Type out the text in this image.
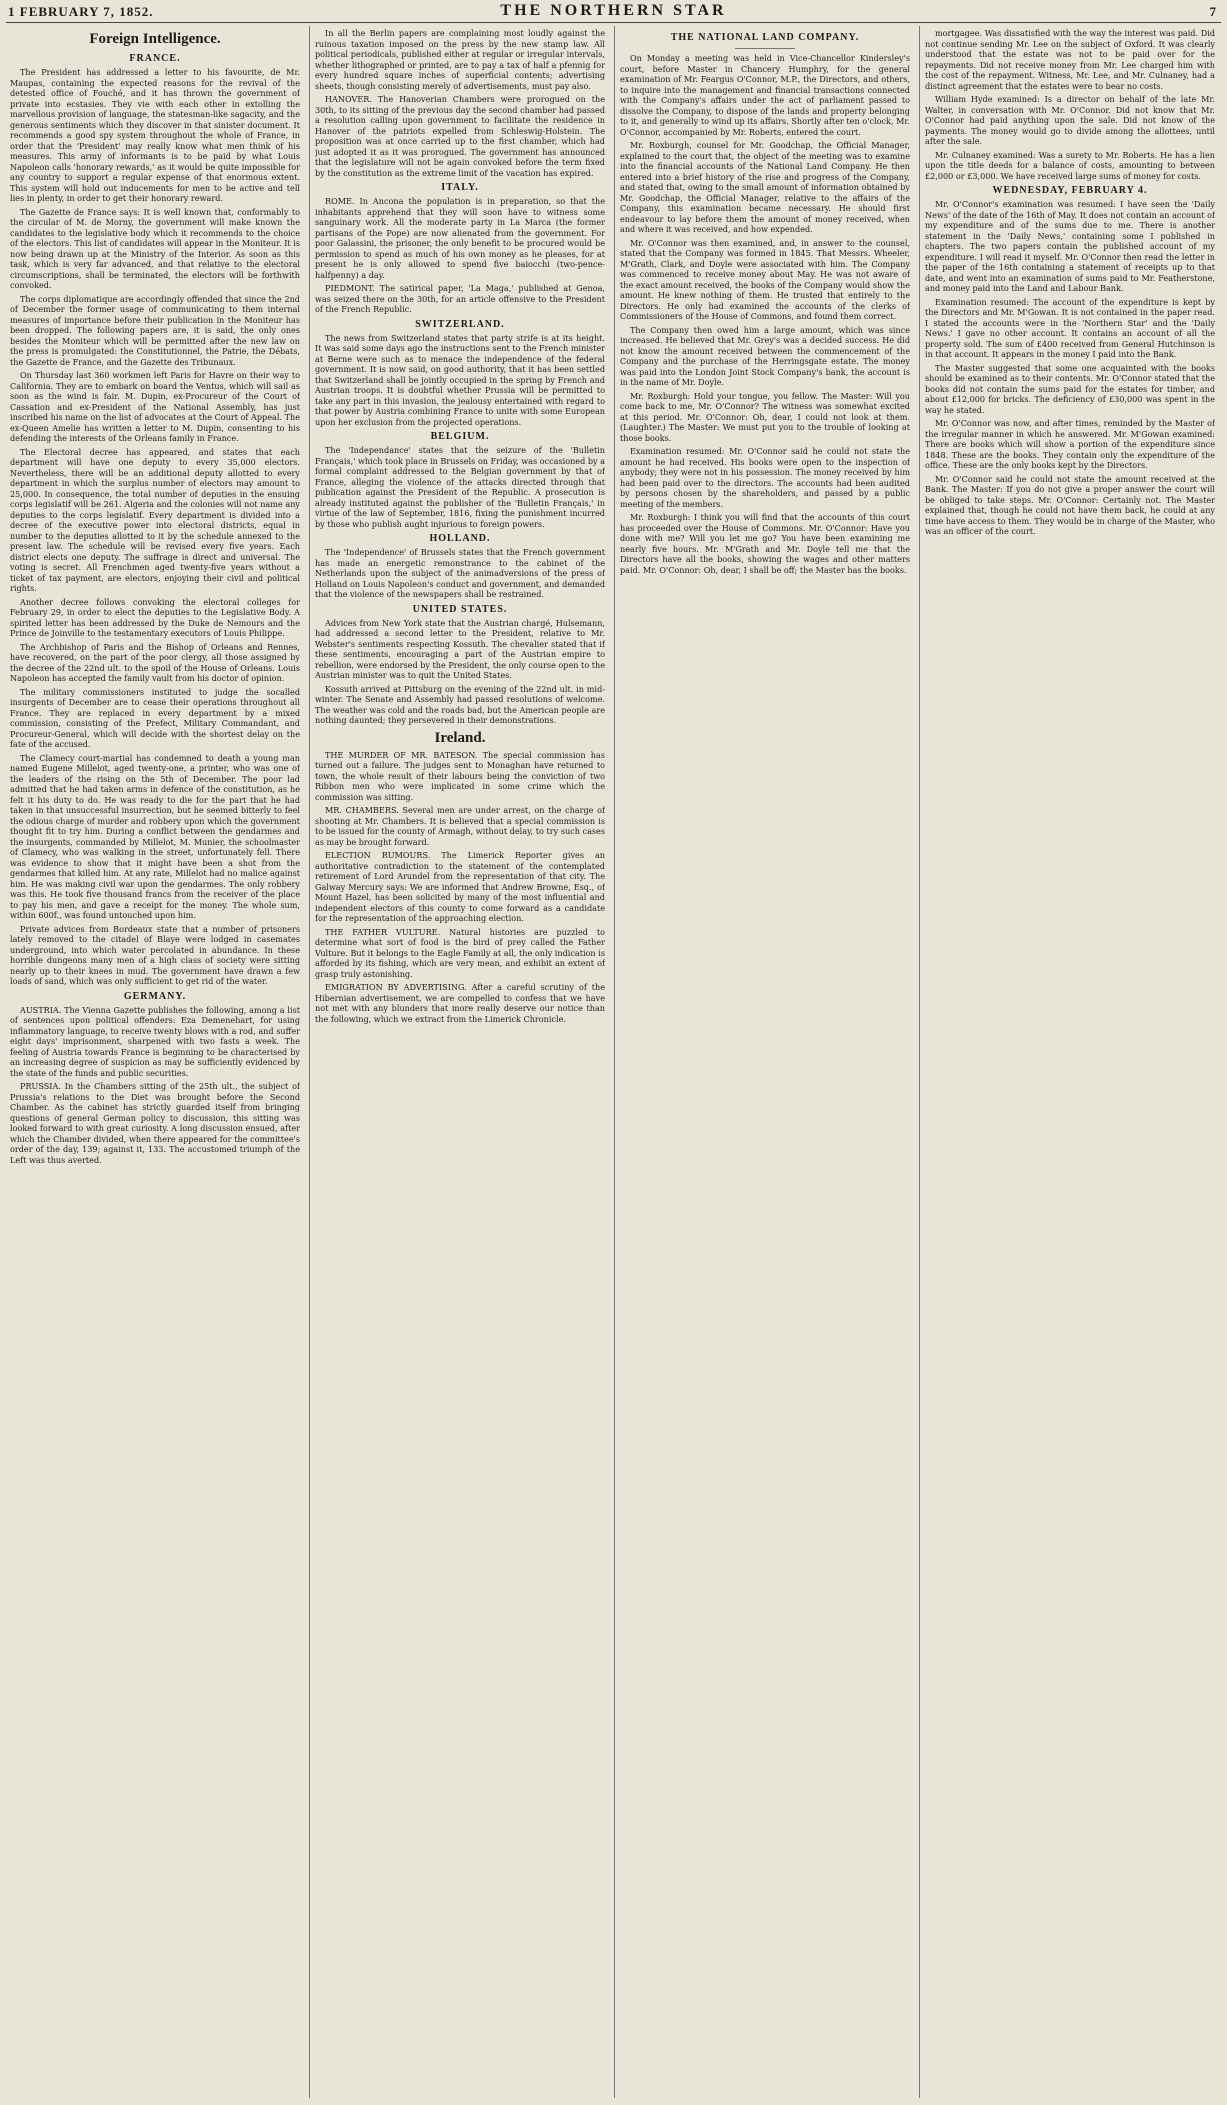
1 FEBRUARY 7, 1852.	THE NORTHERN STAR	7
Foreign Intelligence.
FRANCE.

The President has addressed a letter to his favourite, de Mr. Maupas, containing the expected reasons for the revival of the detested office of Fouché, and it has thrown the government of private into ecstasies. They vie with each other in extolling the marvellous provision of language, the statesman-like sagacity, and the generous sentiments which they discover in that sinister document. It recommends a good spy system throughout the whole of France, in order that the 'President' may really know what men think of his measures. This army of informants is to be paid by what Louis Napoleon calls 'honorary rewards,' as it would be quite impossible for any country to support a regular expense of that enormous extent. This system will hold out inducements for men to be active and tell lies in plenty, in order to get their honorary reward.

The Gazette de France says: It is well known that, conformably to the circular of M. de Morny, the government will make known the candidates to the legislative body which it recommends to the choice of the electors. This list of candidates will appear in the Moniteur. It is now being drawn up at the Ministry of the Interior. As soon as this task, which is very far advanced, and that relative to the electoral circumscriptions, shall be terminated, the electors will be forthwith convoked.

The corps diplomatique are accordingly offended that since the 2nd of December the former usage of communicating to them internal measures of importance before their publication in the Moniteur has been dropped. The following papers are, it is said, the only ones besides the Moniteur which will be permitted after the new law on the press is promulgated: the Constitutionnel, the Patrie, the Débats, the Gazette de France, and the Gazette des Tribunaux.

On Thursday last 360 workmen left Paris for Havre on their way to California. They are to embark on board the Ventus, which will sail as soon as the wind is fair. M. Dupin, ex-Procureur of the Court of Cassation and ex-President of the National Assembly, has just inscribed his name on the list of advocates at the Court of Appeal. The ex-Queen Amelie has written a letter to M. Dupin, consenting to his defending the interests of the Orleans family in France.

The Electoral decree has appeared, and states that each department will have one deputy to every 35,000 electors. Nevertheless, there will be an additional deputy allotted to every department in which the surplus number of electors may amount to 25,000. In consequence, the total number of deputies in the ensuing corps legislatif will be 261. Algeria and the colonies will not name any deputies to the corps legislatif. Every department is divided into a decree of the executive power into electoral districts, equal in number to the deputies allotted to it by the schedule annexed to the present law. The schedule will be revised every five years. Each district elects one deputy. The suffrage is direct and universal. The voting is secret. All Frenchmen aged twenty-five years without a ticket of tax payment, are electors, enjoying their civil and political rights.

Another decree follows convoking the electoral colleges for February 29, in order to elect the deputies to the Legislative Body. A spirited letter has been addressed by the Duke de Nemours and the Prince de Joinville to the testamentary executors of Louis Philippe.

The Archbishop of Paris and the Bishop of Orleans and Rennes, have recovered, on the part of the poor clergy, all those assigned by the decree of the 22nd ult. to the spoil of the House of Orleans. Louis Napoleon has accepted the family vault from his doctor of opinion.

The military commissioners instituted to judge the socalled insurgents of December are to cease their operations throughout all France. They are replaced in every department by a mixed commission, consisting of the Prefect, Military Commandant, and Procureur-General, which will decide with the shortest delay on the fate of the accused.

The Clamecy court-martial has condemned to death a young man named Eugene Millelot, aged twenty-one, a printer, who was one of the leaders of the rising on the 5th of December. The poor lad admitted that he had taken arms in defence of the constitution, as he felt it his duty to do. He was ready to die for the part that he had taken in that unsuccessful insurrection, but he seemed bitterly to feel the odious charge of murder and robbery upon which the government thought fit to try him. During a conflict between the gendarmes and the insurgents, commanded by Millelot, M. Munier, the schoolmaster of Clamecy, who was walking in the street, unfortunately fell. There was evidence to show that it might have been a shot from the gendarmes that killed him. At any rate, Millelot had no malice against him. He was making civil war upon the gendarmes. The only robbery was this. He took five thousand francs from the receiver of the place to pay his men, and gave a receipt for the money. The whole sum, within 600f., was found untouched upon him.

Private advices from Bordeaux state that a number of prisoners lately removed to the citadel of Blaye were lodged in casemates underground, into which water percolated in abundance. In these horrible dungeons many men of a high class of society were sitting nearly up to their knees in mud. The government have drawn a few loads of sand, which was only sufficient to get rid of the water.

GERMANY.

AUSTRIA. The Vienna Gazette publishes the following, among a list of sentences upon political offenders: Eza Demenehart, for using inflammatory language, to receive twenty blows with a rod, and suffer eight days' imprisonment, sharpened with two fasts a week. The feeling of Austria towards France is beginning to be characterised by an increasing degree of suspicion as may be sufficiently evidenced by the state of the funds and public securities.

PRUSSIA. In the Chambers sitting of the 25th ult., the subject of Prussia's relations to the Diet was brought before the Second Chamber. As the cabinet has strictly guarded itself from bringing questions of general German policy to discussion, this sitting was looked forward to with great curiosity. A long discussion ensued, after which the Chamber divided, when there appeared for the committee's order of the day, 139; against it, 133. The accustomed triumph of the Left was thus averted.

In all the Berlin papers are complaining most loudly against the ruinous taxation imposed on the press by the new stamp law. All political periodicals, published either at regular or irregular intervals, whether lithographed or printed, are to pay a tax of half a pfennig for every hundred square inches of superficial contents; advertising sheets, though consisting merely of advertisements, must pay also.

HANOVER. The Hanoverian Chambers were prorogued on the 30th, to its sitting of the previous day the second chamber had passed a resolution calling upon government to facilitate the residence in Hanover of the patriots expelled from Schleswig-Holstein. The proposition was at once carried up to the first chamber, which had just adopted it as it was prorogued. The government has announced that the legislature will not be again convoked before the term fixed by the constitution as the extreme limit of the vacation has expired.

ITALY.

ROME. In Ancona the population is in preparation, so that the inhabitants apprehend that they will soon have to witness some sanguinary work. All the moderate party in La Marca (the former partisans of the Pope) are now alienated from the government. For poor Galassini, the prisoner, the only benefit to be procured would be permission to spend as much of his own money as he pleases, for at present he is only allowed to spend five baiocchi (two-pence-halfpenny) a day.

PIEDMONT. The satirical paper, 'La Maga,' published at Genoa, was seized there on the 30th, for an article offensive to the President of the French Republic.

SWITZERLAND.

The news from Switzerland states that party strife is at its height. It was said some days ago the instructions sent to the French minister at Berne were such as to menace the independence of the federal government. It is now said, on good authority, that it has been settled that Switzerland shall be jointly occupied in the spring by French and Austrian troops. It is doubtful whether Prussia will be permitted to take any part in this invasion, the jealousy entertained with regard to that power by Austria combining France to unite with some European upon her exclusion from the projected operations.

BELGIUM.

The 'Independance' states that the seizure of the 'Bulletin Français,' which took place in Brussels on Friday, was occasioned by a formal complaint addressed to the Belgian government by that of France, alleging the violence of the attacks directed through that publication against the President of the Republic. A prosecution is already instituted against the publisher of the 'Bulletin Français,' in virtue of the law of September, 1816, fixing the punishment incurred by those who publish aught injurious to foreign powers.

HOLLAND.

The 'Independence' of Brussels states that the French government has made an energetic remonstrance to the cabinet of the Netherlands upon the subject of the animadversions of the press of Holland on Louis Napoleon's conduct and government, and demanded that the violence of the newspapers shall be restrained.

UNITED STATES.

Advices from New York state that the Austrian chargé, Hulsemann, had addressed a second letter to the President, relative to Mr. Webster's sentiments respecting Kossuth. The chevalier stated that if these sentiments, encouraging a part of the Austrian empire to rebellion, were endorsed by the President, the only course open to the Austrian minister was to quit the United States.

Kossuth arrived at Pittsburg on the evening of the 22nd ult. in mid-winter. The Senate and Assembly had passed resolutions of welcome. The weather was cold and the roads bad, but the American people are nothing daunted; they persevered in their demonstrations.

Ireland.

THE MURDER OF MR. BATESON. The special commission has turned out a failure. The judges sent to Monaghan have returned to town, the whole result of their labours being the conviction of two Ribbon men who were implicated in some crime which the commission was sitting.

MR. CHAMBERS. Several men are under arrest, on the charge of shooting at Mr. Chambers. It is believed that a special commission is to be issued for the county of Armagh, without delay, to try such cases as may be brought forward.

ELECTION RUMOURS. The Limerick Reporter gives an authoritative contradiction to the statement of the contemplated retirement of Lord Arundel from the representation of that city. The Galway Mercury says: We are informed that Andrew Browne, Esq., of Mount Hazel, has been solicited by many of the most influential and independent electors of this county to come forward as a candidate for the representation of the approaching election.

THE FATHER VULTURE. Natural histories are puzzled to determine what sort of food is the bird of prey called the Father Vulture. But it belongs to the Eagle Family at all, the only indication is afforded by its fishing, which are very mean, and exhibit an extent of grasp truly astonishing.

EMIGRATION BY ADVERTISING. After a careful scrutiny of the Hibernian advertisement, we are compelled to confess that we have not met with any blunders that more really deserve our notice than the following, which we extract from the Limerick Chronicle.

THE NATIONAL LAND COMPANY.

On Monday a meeting was held in Vice-Chancellor Kindersley's court, before Master in Chancery Humphry, for the general examination of Mr. Feargus O'Connor, M.P., the Directors, and others, to inquire into the management and financial transactions connected with the Company's affairs under the act of parliament passed to dissolve the Company, to dispose of the lands and property belonging to it, and generally to wind up its affairs. Shortly after ten o'clock, Mr. O'Connor, accompanied by Mr. Roberts, entered the court.

Mr. Roxburgh, counsel for Mr. Goodchap, the Official Manager, explained to the court that, the object of the meeting was to examine into the financial accounts of the National Land Company. He then entered into a brief history of the rise and progress of the Company, and stated that, owing to the small amount of information obtained by Mr. Goodchap, the Official Manager, relative to the affairs of the Company, this examination became necessary. He should first endeavour to lay before them the amount of money received, when and where it was received, and how expended.

Mr. O'Connor was then examined, and, in answer to the counsel, stated that the Company was formed in 1845. That Messrs. Wheeler, M'Grath, Clark, and Doyle were associated with him. The Company was commenced to receive money about May. He was not aware of the exact amount received, the books of the Company would show the amount. He knew nothing of them. He trusted that entirely to the Directors. He only had examined the accounts of the clerks of Commissioners of the House of Commons, and found them correct.

The Company then owed him a large amount, which was since increased. He believed that Mr. Grey's was a decided success. He did not know the amount received between the commencement of the Company and the purchase of the Herringsgate estate. The money was paid into the London Joint Stock Company's bank, the account is in the name of Mr. Doyle.

Mr. Roxburgh: Hold your tongue, you fellow. The Master: Will you come back to me, Mr. O'Connor? The witness was somewhat excited at this period. Mr. O'Connor: Oh, dear, I could not look at them. (Laughter.) The Master: We must put you to the trouble of looking at those books.

Examination resumed: Mr. O'Connor said he could not state the amount he had received. His books were open to the inspection of anybody; they were not in his possession. The money received by him had been paid over to the directors. The accounts had been audited by persons chosen by the shareholders, and passed by a public meeting of the members.

Mr. Roxburgh: I think you will find that the accounts of this court has proceeded over the House of Commons. Mr. O'Connor: Have you done with me? Will you let me go? You have been examining me nearly five hours. Mr. M'Grath and Mr. Doyle tell me that the Directors have all the books, showing the wages and other matters paid. Mr. O'Connor: Oh, dear, I shall be off; the Master has the books.

mortgagee. Was dissatisfied with the way the interest was paid. Did not continue sending Mr. Lee on the subject of Oxford. It was clearly understood that the estate was not to be paid over for the repayments. Did not receive money from Mr. Lee charged him with the cost of the repayment. Witness, Mr. Lee, and Mr. Culnaney, had a distinct agreement that the estates were to bear no costs.

William Hyde examined: Is a director on behalf of the late Mr. Walter, in conversation with Mr. O'Connor. Did not know that Mr. O'Connor had paid anything upon the sale. Did not know of the payments. The money would go to divide among the allottees, until after the sale.

Mr. Culnaney examined: Was a surety to Mr. Roberts. He has a lien upon the title deeds for a balance of costs, amounting to between £2,000 or £3,000. We have received large sums of money for costs.

WEDNESDAY, FEBRUARY 4.

Mr. O'Connor's examination was resumed: I have seen the 'Daily News' of the date of the 16th of May. It does not contain an account of my expenditure and of the sums due to me. There is another statement in the 'Daily News,' containing some I published in chapters. The two papers contain the published account of my expenditure. I will read it myself. Mr. O'Connor then read the letter in the paper of the 16th containing a statement of receipts up to that date, and went into an examination of sums paid to Mr. Featherstone, and money paid into the Land and Labour Bank.

Examination resumed: The account of the expenditure is kept by the Directors and Mr. M'Gowan. It is not contained in the paper read. I stated the accounts were in the 'Northern Star' and the 'Daily News.' I gave no other account. It contains an account of all the property sold. The sum of £400 received from General Hutchinson is in that account. It appears in the money I paid into the Bank.

The Master suggested that some one acquainted with the books should be examined as to their contents. Mr. O'Connor stated that the books did not contain the sums paid for the estates for timber, and about £12,000 for bricks. The deficiency of £30,000 was spent in the way he stated.

Mr. O'Connor was now, and after times, reminded by the Master of the irregular manner in which he answered. Mr. M'Gowan examined: There are books which will show a portion of the expenditure since 1848. These are the books. They contain only the expenditure of the office. These are the only books kept by the Directors.

Mr. O'Connor said he could not state the amount received at the Bank. The Master: If you do not give a proper answer the court will be obliged to take steps. Mr. O'Connor: Certainly not. The Master explained that, though he could not have them back, he could at any time have access to them. They would be in charge of the Master, who was an officer of the court.
